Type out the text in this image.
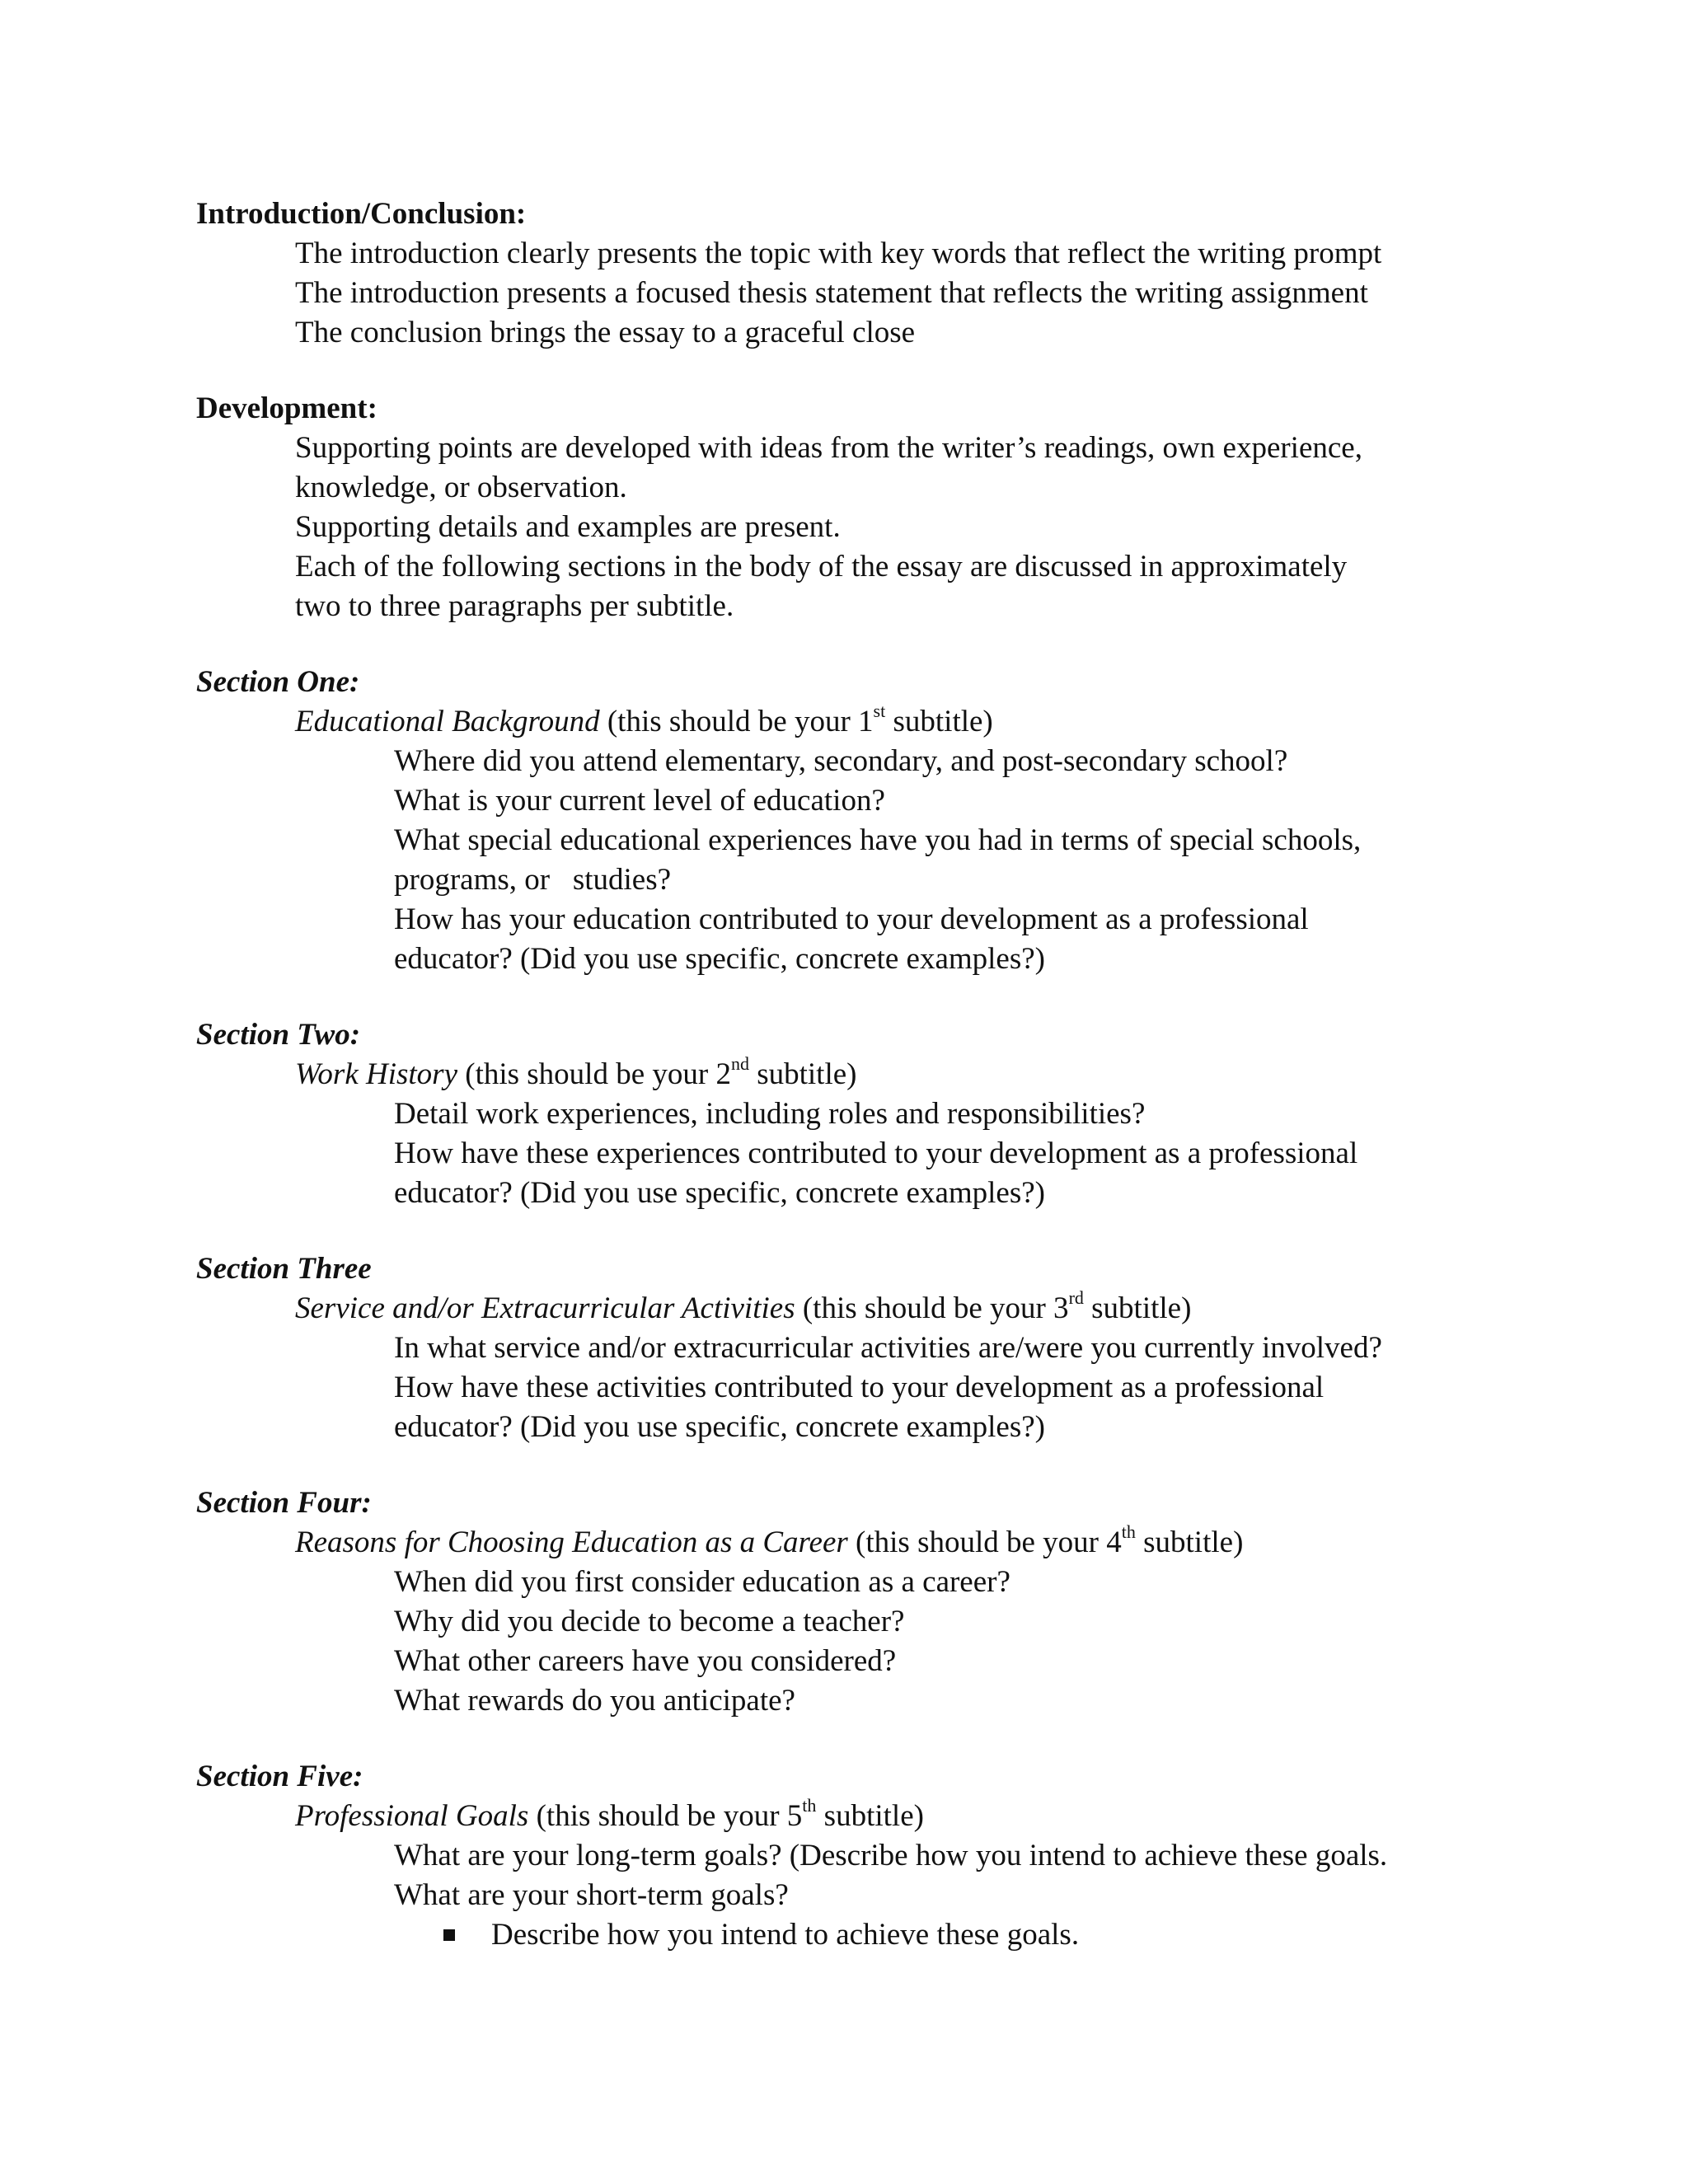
Introduction/Conclusion:

The introduction clearly presents the topic with key words that reflect the writing prompt

The introduction presents a focused thesis statement that reflects the writing assignment

The conclusion brings the essay to a graceful close

Development:

Supporting points are developed with ideas from the writer’s readings, own experience,

knowledge, or observation.

Supporting details and examples are present.

Each of the following sections in the body of the essay are discussed in approximately

two to three paragraphs per subtitle.

Section One:

Educational Background (this should be your 1st subtitle)

Where did you attend elementary, secondary, and post-secondary school?

What is your current level of education?

What special educational experiences have you had in terms of special schools,

programs, or   studies?

How has your education contributed to your development as a professional

educator? (Did you use specific, concrete examples?)

Section Two:

Work History (this should be your 2nd subtitle)

Detail work experiences, including roles and responsibilities?

How have these experiences contributed to your development as a professional

educator? (Did you use specific, concrete examples?)

Section Three

Service and/or Extracurricular Activities (this should be your 3rd subtitle)

In what service and/or extracurricular activities are/were you currently involved?

How have these activities contributed to your development as a professional

educator? (Did you use specific, concrete examples?)

Section Four:

Reasons for Choosing Education as a Career (this should be your 4th subtitle)

When did you first consider education as a career?

Why did you decide to become a teacher?

What other careers have you considered?

What rewards do you anticipate?

Section Five:

Professional Goals (this should be your 5th subtitle)

What are your long-term goals? (Describe how you intend to achieve these goals.

What are your short-term goals?

Describe how you intend to achieve these goals.
